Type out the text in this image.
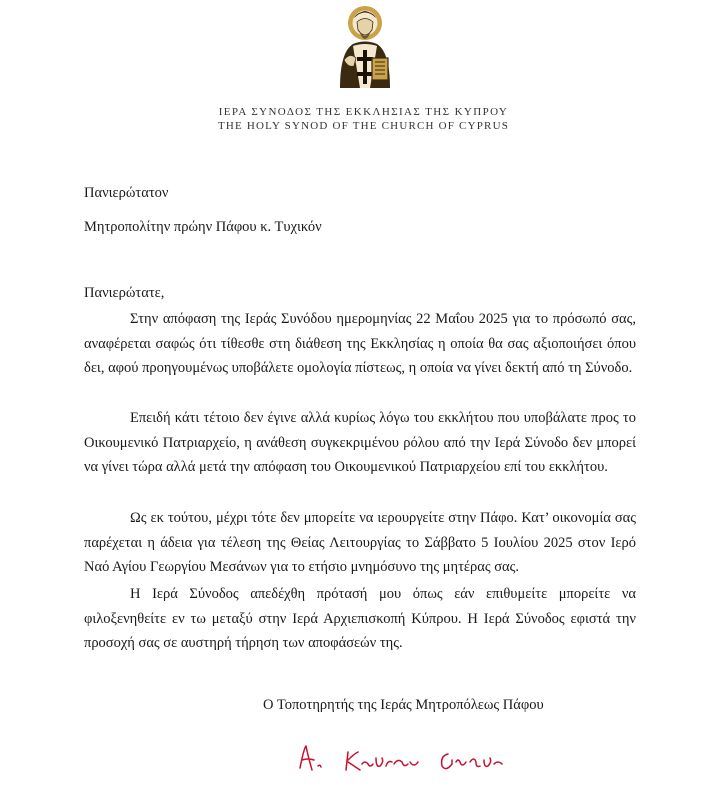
ΙΕΡΑ ΣΥΝΟΔΟΣ ΤΗΣ ΕΚΚΛΗΣΙΑΣ ΤΗΣ ΚΥΠΡΟΥ
THE HOLY SYNOD OF THE CHURCH OF CYPRUS
Πανιερώτατον
Μητροπολίτην πρώην Πάφου κ. Τυχικόν
Πανιερώτατε,

Στην απόφαση της Ιεράς Συνόδου ημερομηνίας 22 Μαΐου 2025 για το πρόσωπό σας, αναφέρεται σαφώς ότι τίθεσθε στη διάθεση της Εκκλησίας η οποία θα σας αξιοποιήσει όπου δει, αφού προηγουμένως υποβάλετε ομολογία πίστεως, η οποία να γίνει δεκτή από τη Σύνοδο.

Επειδή κάτι τέτοιο δεν έγινε αλλά κυρίως λόγω του εκκλήτου που υποβάλατε προς το Οικουμενικό Πατριαρχείο, η ανάθεση συγκεκριμένου ρόλου από την Ιερά Σύνοδο δεν μπορεί να γίνει τώρα αλλά μετά την απόφαση του Οικουμενικού Πατριαρχείου επί του εκκλήτου.

Ως εκ τούτου, μέχρι τότε δεν μπορείτε να ιερουργείτε στην Πάφο. Κατ’ οικονομία σας παρέχεται η άδεια για τέλεση της Θείας Λειτουργίας το Σάββατο 5 Ιουλίου 2025 στον Ιερό Ναό Αγίου Γεωργίου Μεσάνων για το ετήσιο μνημόσυνο της μητέρας σας.

Η Ιερά Σύνοδος απεδέχθη πρότασή μου όπως εάν επιθυμείτε μπορείτε να φιλοξενηθείτε εν τω μεταξύ στην Ιερά Αρχιεπισκοπή Κύπρου. Η Ιερά Σύνοδος εφιστά την προσοχή σας σε αυστηρή τήρηση των αποφάσεών της.

Ο Τοποτηρητής της Ιεράς Μητροπόλεως Πάφου
